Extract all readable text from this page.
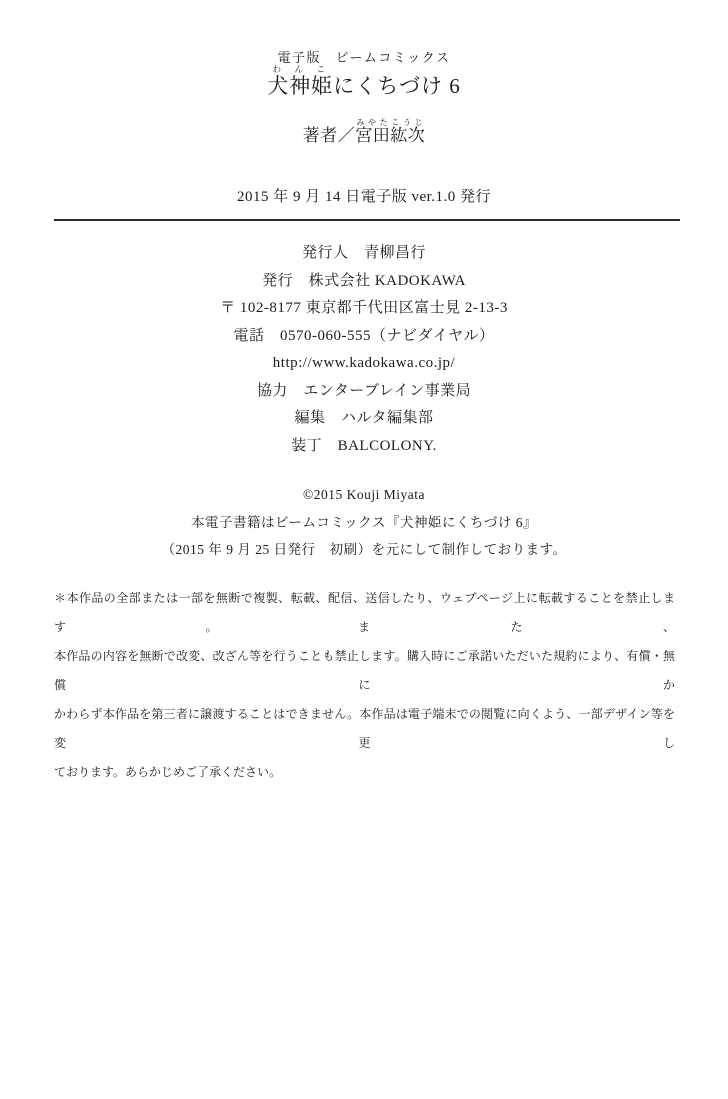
電子版　ビームコミックス
犬神姫わんこにくちづけ 6
著者／宮田みやた紘次こうじ
2015 年 9 月 14 日電子版 ver.1.0 発行
発行人　青柳昌行
発行　株式会社 KADOKAWA
〒 102-8177 東京都千代田区富士見 2-13-3
電話　0570-060-555（ナビダイヤル）
http://www.kadokawa.co.jp/
協力　エンターブレイン事業局
編集　ハルタ編集部
装丁　BALCOLONY.
©2015 Kouji Miyata
本電子書籍はビームコミックス『犬神姫にくちづけ 6』
（2015 年 9 月 25 日発行　初刷）を元にして制作しております。
＊本作品の全部または一部を無断で複製、転載、配信、送信したり、ウェブページ上に転載することを禁止します。また、
本作品の内容を無断で改変、改ざん等を行うことも禁止します。購入時にご承諾いただいた規約により、有償・無償にか
かわらず本作品を第三者に譲渡することはできません。本作品は電子端末での閲覧に向くよう、一部デザイン等を変更し
ております。あらかじめご了承ください。
